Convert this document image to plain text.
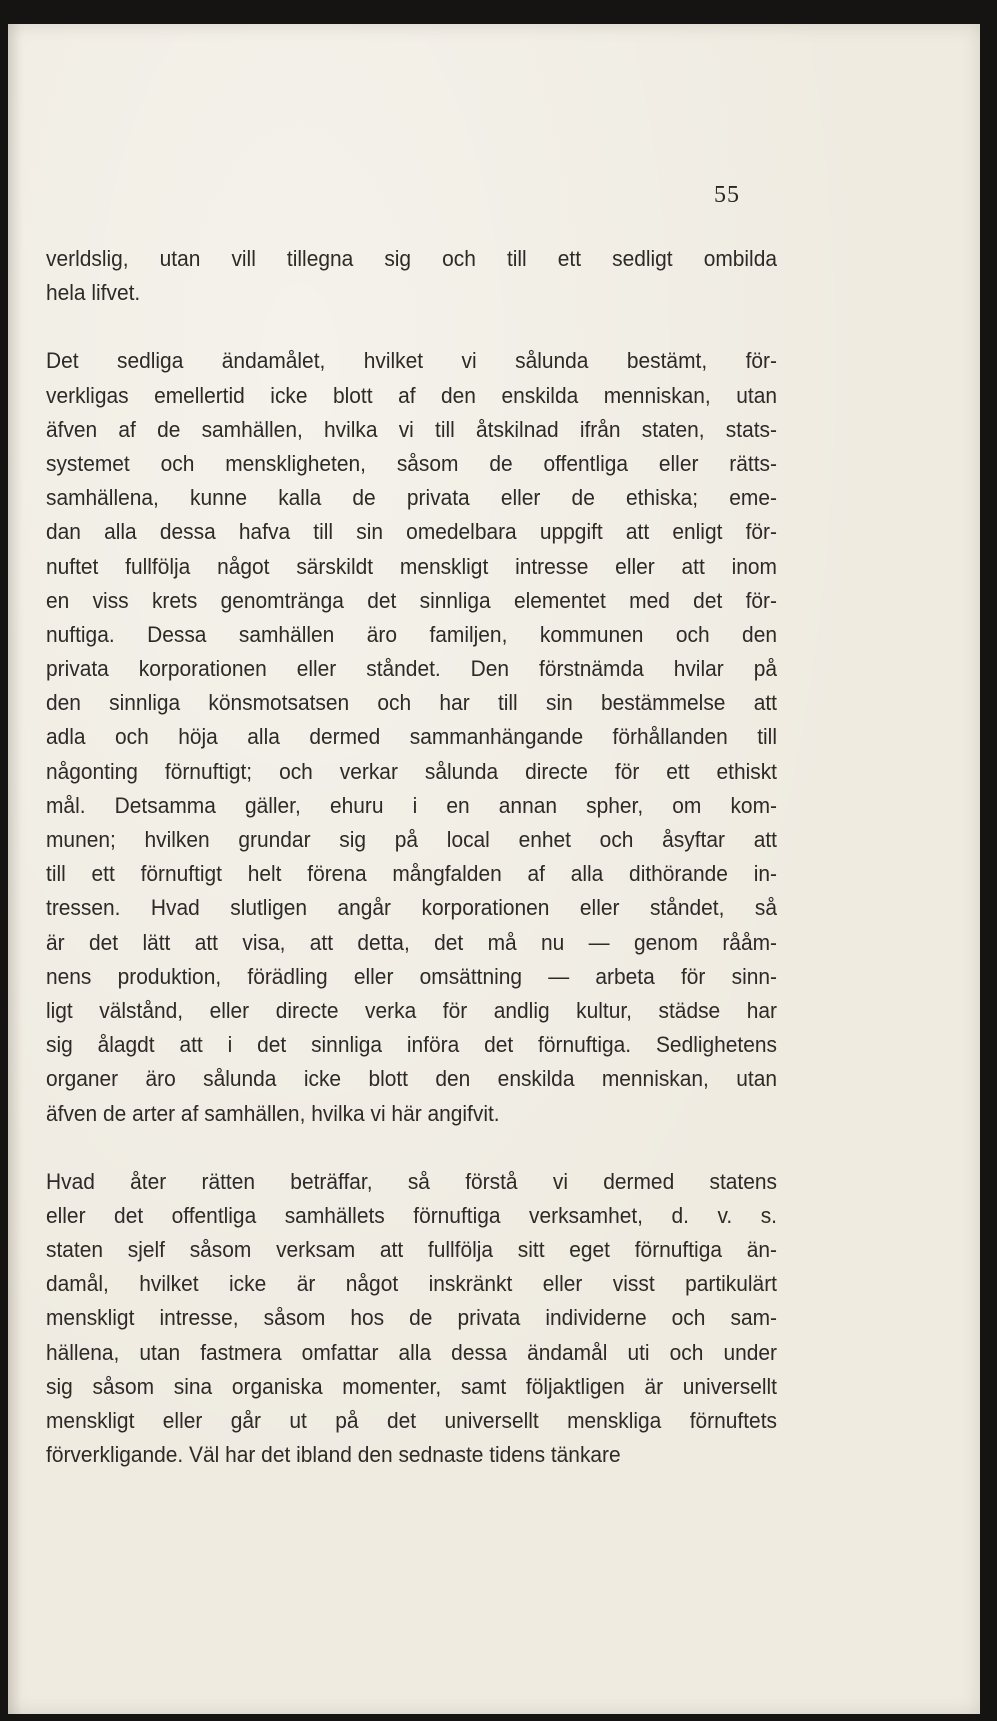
55
verldslig, utan vill tillegna sig och till ett sedligt ombilda
hela lifvet.
Det sedliga ändamålet, hvilket vi sålunda bestämt, för-
verkligas emellertid icke blott af den enskilda menniskan, utan
äfven af de samhällen, hvilka vi till åtskilnad ifrån staten, stats-
systemet och menskligheten, såsom de offentliga eller rätts-
samhällena, kunne kalla de privata eller de ethiska; eme-
dan alla dessa hafva till sin omedelbara uppgift att enligt för-
nuftet fullfölja något särskildt menskligt intresse eller att inom
en viss krets genomtränga det sinnliga elementet med det för-
nuftiga. Dessa samhällen äro familjen, kommunen och den
privata korporationen eller ståndet. Den förstnämda hvilar på
den sinnliga könsmotsatsen och har till sin bestämmelse att
adla och höja alla dermed sammanhängande förhållanden till
någonting förnuftigt; och verkar sålunda directe för ett ethiskt
mål. Detsamma gäller, ehuru i en annan spher, om kom-
munen; hvilken grundar sig på local enhet och åsyftar att
till ett förnuftigt helt förena mångfalden af alla dithörande in-
tressen. Hvad slutligen angår korporationen eller ståndet, så
är det lätt att visa, att detta, det må nu — genom rååm-
nens produktion, förädling eller omsättning — arbeta för sinn-
ligt välstånd, eller directe verka för andlig kultur, städse har
sig ålagdt att i det sinnliga införa det förnuftiga. Sedlighetens
organer äro sålunda icke blott den enskilda menniskan, utan
äfven de arter af samhällen, hvilka vi här angifvit.
Hvad åter rätten beträffar, så förstå vi dermed statens
eller det offentliga samhällets förnuftiga verksamhet, d. v. s.
staten sjelf såsom verksam att fullfölja sitt eget förnuftiga än-
damål, hvilket icke är något inskränkt eller visst partikulärt
menskligt intresse, såsom hos de privata individerne och sam-
hällena, utan fastmera omfattar alla dessa ändamål uti och under
sig såsom sina organiska momenter, samt följaktligen är universellt
menskligt eller går ut på det universellt menskliga förnuftets
förverkligande. Väl har det ibland den sednaste tidens tänkare
